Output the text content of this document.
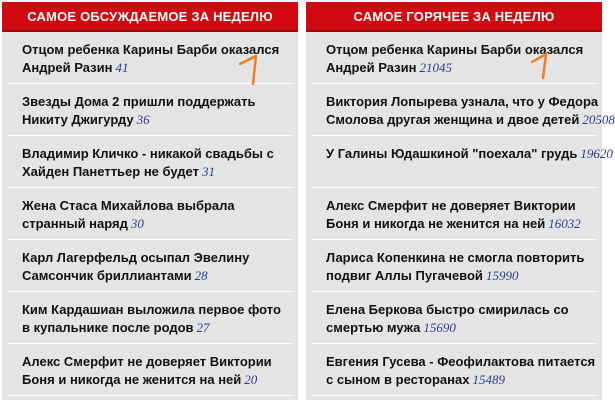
САМОЕ ОБСУЖДАЕМОЕ ЗА НЕДЕЛЮ
Отцом ребенка Карины Барби оказался
Андрей Разин 41
Звезды Дома 2 пришли поддержать
Никиту Джигурду 36
Владимир Кличко - никакой свадьбы с
Хайден Панеттьер не будет 31
Жена Стаса Михайлова выбрала
странный наряд 30
Карл Лагерфельд осыпал Эвелину
Самсончик бриллиантами 28
Ким Кардашиан выложила первое фото
в купальнике после родов 27
Алекс Смерфит не доверяет Виктории
Боня и никогда не женится на ней 20
САМОЕ ГОРЯЧЕЕ ЗА НЕДЕЛЮ
Отцом ребенка Карины Барби оказался
Андрей Разин 21045
Виктория Лопырева узнала, что у Федора
Смолова другая женщина и двое детей 20508
У Галины Юдашкиной "поехала" грудь 19620
Алекс Смерфит не доверяет Виктории
Боня и никогда не женится на ней 16032
Лариса Копенкина не смогла повторить
подвиг Аллы Пугачевой 15990
Елена Беркова быстро смирилась со
смертью мужа 15690
Евгения Гусева - Феофилактова питается
с сыном в ресторанах 15489
